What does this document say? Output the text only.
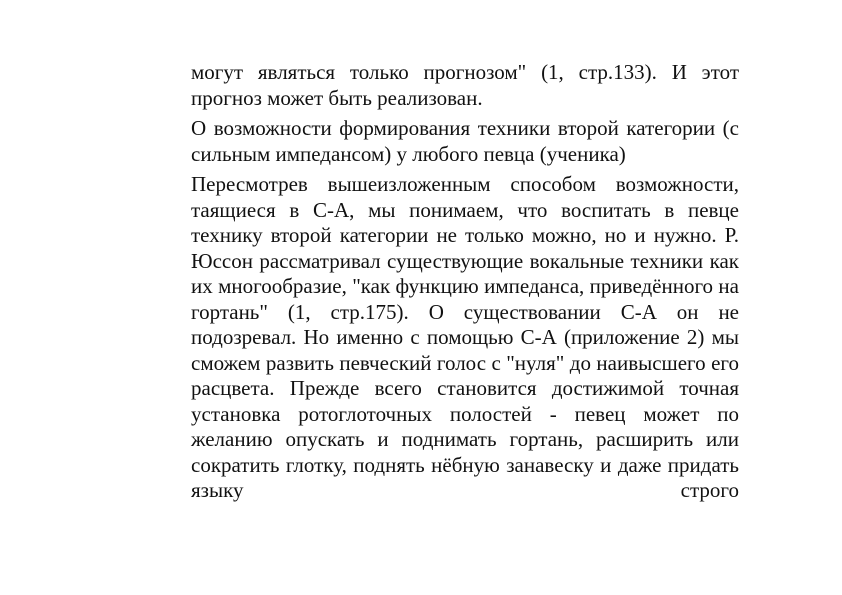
могут являться только прогнозом" (1, стр.133). И этот прогноз может быть реализован.

О возможности формирования техники второй категории (с сильным импедансом) у любого певца (ученика)

Пересмотрев вышеизложенным способом возможности, таящиеся в С-А, мы понимаем, что воспитать в певце технику второй категории не только можно, но и нужно. Р. Юссон рассматривал существующие вокальные техники как их многообразие, "как функцию импеданса, приведённого на гортань" (1, стр.175). О существовании С-А он не подозревал. Но именно с помощью С-А (приложение 2) мы сможем развить певческий голос с "нуля" до наивысшего его расцвета. Прежде всего становится достижимой точная установка ротоглоточных полостей - певец может по желанию опускать и поднимать гортань, расширить или сократить глотку, поднять нёбную занавеску и даже придать языку строго
